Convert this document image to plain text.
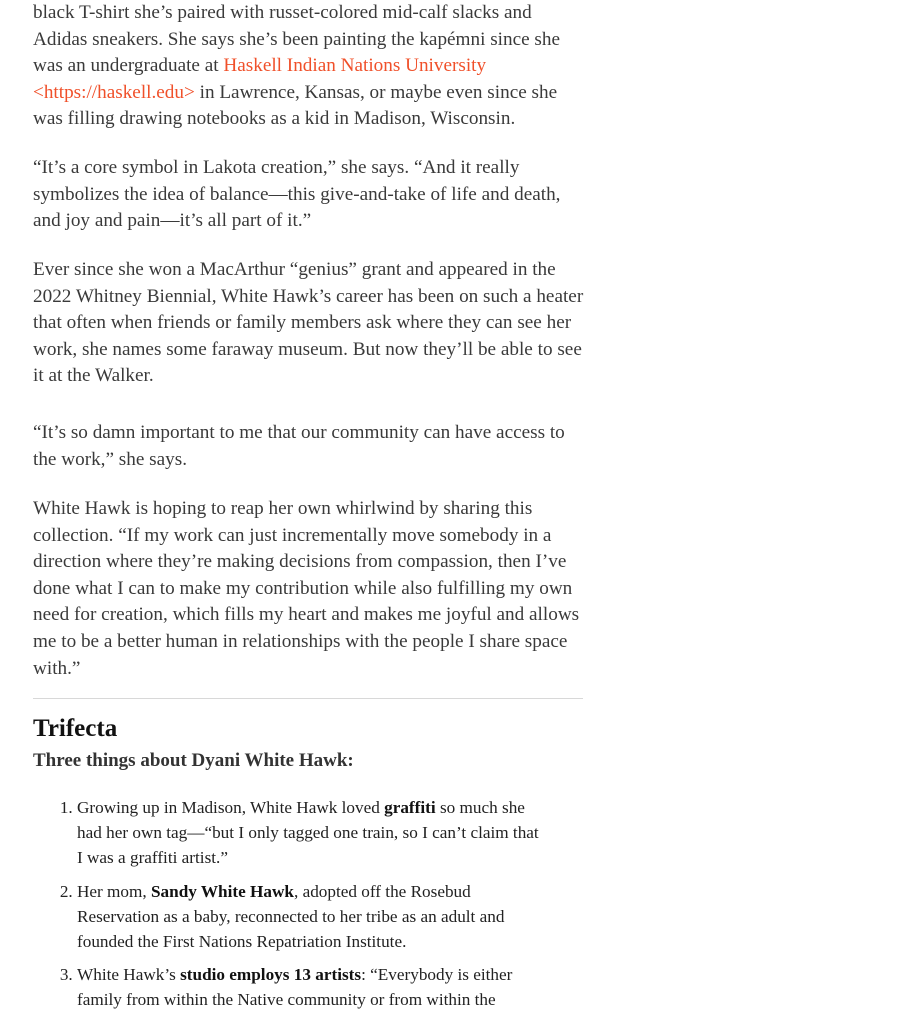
black T-shirt she’s paired with russet-colored mid-calf slacks and Adidas sneakers. She says she’s been painting the kapémni since she was an undergraduate at Haskell Indian Nations University <https://haskell.edu> in Lawrence, Kansas, or maybe even since she was filling drawing notebooks as a kid in Madison, Wisconsin.

“It’s a core symbol in Lakota creation,” she says. “And it really symbolizes the idea of balance—this give-and-take of life and death, and joy and pain—it’s all part of it.”

Ever since she won a MacArthur “genius” grant and appeared in the 2022 Whitney Biennial, White Hawk’s career has been on such a heater that often when friends or family members ask where they can see her work, she names some faraway museum. But now they’ll be able to see it at the Walker.

“It’s so damn important to me that our community can have access to the work,” she says.

White Hawk is hoping to reap her own whirlwind by sharing this collection. “If my work can just incrementally move somebody in a direction where they’re making decisions from compassion, then I’ve done what I can to make my contribution while also fulfilling my own need for creation, which fills my heart and makes me joyful and allows me to be a better human in relationships with the people I share space with.”

Trifecta
Three things about Dyani White Hawk:
1. Growing up in Madison, White Hawk loved graffiti so much she had her own tag—“but I only tagged one train, so I can’t claim that I was a graffiti artist.”
2. Her mom, Sandy White Hawk, adopted off the Rosebud Reservation as a baby, reconnected to her tribe as an adult and founded the First Nations Repatriation Institute.
3. White Hawk’s studio employs 13 artists: “Everybody is either family from within the Native community or from within the
